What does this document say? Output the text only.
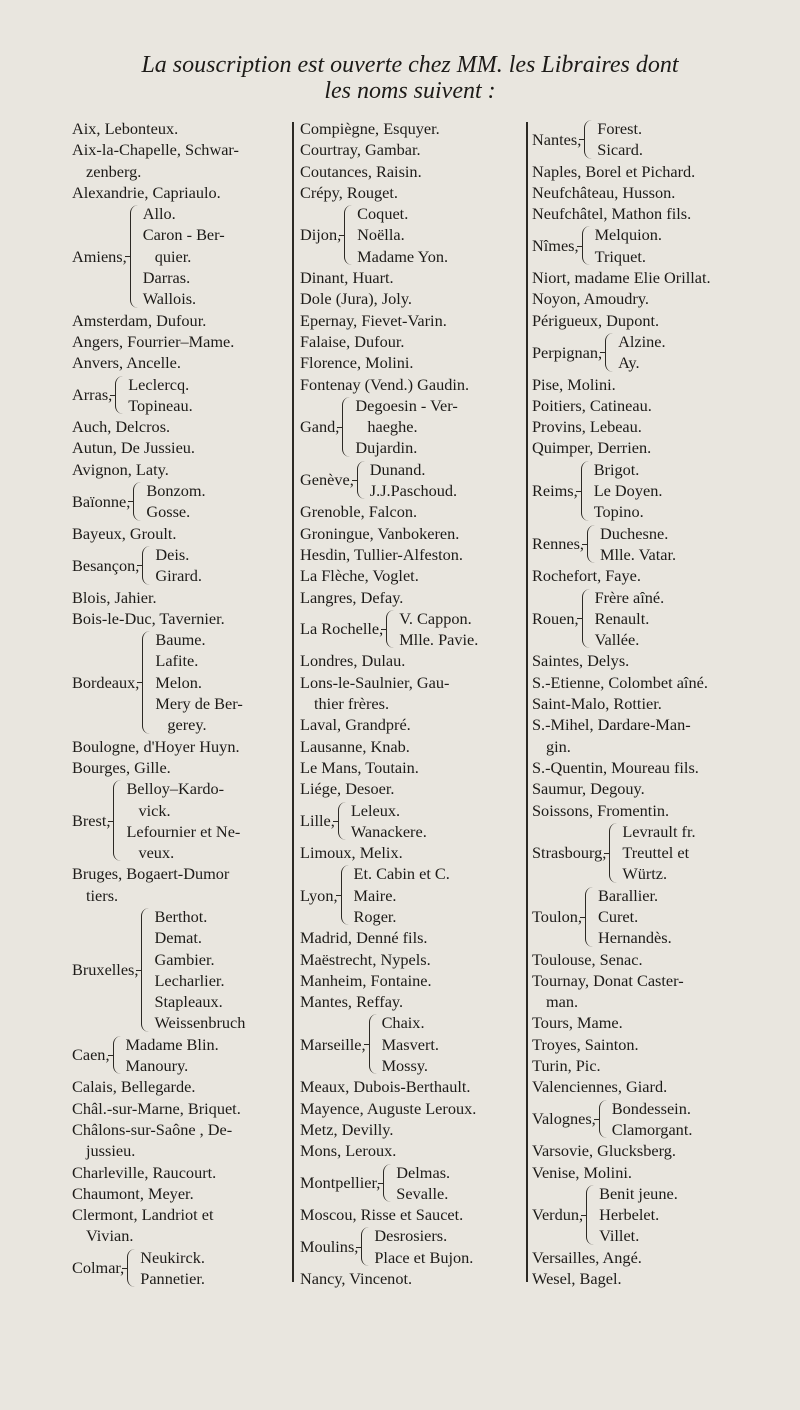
La souscription est ouverte chez MM. les Libraires dont
les noms suivent :
Aix, Lebonteux.
Aix-la-Chapelle, Schwar-
zenberg.
Alexandrie, Capriaulo.
Amiens,
Allo.
Caron - Ber-
quier.
Darras.
Wallois.
Amsterdam, Dufour.
Angers, Fourrier–Mame.
Anvers, Ancelle.
Arras,
Leclercq.
Topineau.
Auch, Delcros.
Autun, De Jussieu.
Avignon, Laty.
Baïonne,
Bonzom.
Gosse.
Bayeux, Groult.
Besançon,
Deis.
Girard.
Blois, Jahier.
Bois-le-Duc, Tavernier.
Bordeaux,
Baume.
Lafite.
Melon.
Mery de Ber-
gerey.
Boulogne, d'Hoyer Huyn.
Bourges, Gille.
Brest,
Belloy–Kardo-
vick.
Lefournier et Ne-
veux.
Bruges, Bogaert-Dumor
tiers.
Bruxelles,
Berthot.
Demat.
Gambier.
Lecharlier.
Stapleaux.
Weissenbruch
Caen,
Madame Blin.
Manoury.
Calais, Bellegarde.
Châl.-sur-Marne, Briquet.
Châlons-sur-Saône , De-
jussieu.
Charleville, Raucourt.
Chaumont, Meyer.
Clermont, Landriot et
Vivian.
Colmar,
Neukirck.
Pannetier.
Compiègne, Esquyer.
Courtray, Gambar.
Coutances, Raisin.
Crépy, Rouget.
Dijon,
Coquet.
Noëlla.
Madame Yon.
Dinant, Huart.
Dole (Jura), Joly.
Epernay, Fievet-Varin.
Falaise, Dufour.
Florence, Molini.
Fontenay (Vend.) Gaudin.
Gand,
Degoesin - Ver-
haeghe.
Dujardin.
Genève,
Dunand.
J.J.Paschoud.
Grenoble, Falcon.
Groningue, Vanbokeren.
Hesdin, Tullier-Alfeston.
La Flèche, Voglet.
Langres, Defay.
La Rochelle,
V. Cappon.
Mlle. Pavie.
Londres, Dulau.
Lons-le-Saulnier, Gau-
thier frères.
Laval, Grandpré.
Lausanne, Knab.
Le Mans, Toutain.
Liége, Desoer.
Lille,
Leleux.
Wanackere.
Limoux, Melix.
Lyon,
Et. Cabin et C.
Maire.
Roger.
Madrid, Denné fils.
Maëstrecht, Nypels.
Manheim, Fontaine.
Mantes, Reffay.
Marseille,
Chaix.
Masvert.
Mossy.
Meaux, Dubois-Berthault.
Mayence, Auguste Leroux.
Metz, Devilly.
Mons, Leroux.
Montpellier,
Delmas.
Sevalle.
Moscou, Risse et Saucet.
Moulins,
Desrosiers.
Place et Bujon.
Nancy, Vincenot.
Nantes,
Forest.
Sicard.
Naples, Borel et Pichard.
Neufchâteau, Husson.
Neufchâtel, Mathon fils.
Nîmes,
Melquion.
Triquet.
Niort, madame Elie Orillat.
Noyon, Amoudry.
Périgueux, Dupont.
Perpignan,
Alzine.
Ay.
Pise, Molini.
Poitiers, Catineau.
Provins, Lebeau.
Quimper, Derrien.
Reims,
Brigot.
Le Doyen.
Topino.
Rennes,
Duchesne.
Mlle. Vatar.
Rochefort, Faye.
Rouen,
Frère aîné.
Renault.
Vallée.
Saintes, Delys.
S.-Etienne, Colombet aîné.
Saint-Malo, Rottier.
S.-Mihel, Dardare-Man-
gin.
S.-Quentin, Moureau fils.
Saumur, Degouy.
Soissons, Fromentin.
Strasbourg,
Levrault fr.
Treuttel et
Würtz.
Toulon,
Barallier.
Curet.
Hernandès.
Toulouse, Senac.
Tournay, Donat Caster-
man.
Tours, Mame.
Troyes, Sainton.
Turin, Pic.
Valenciennes, Giard.
Valognes,
Bondessein.
Clamorgant.
Varsovie, Glucksberg.
Venise, Molini.
Verdun,
Benit jeune.
Herbelet.
Villet.
Versailles, Angé.
Wesel, Bagel.
